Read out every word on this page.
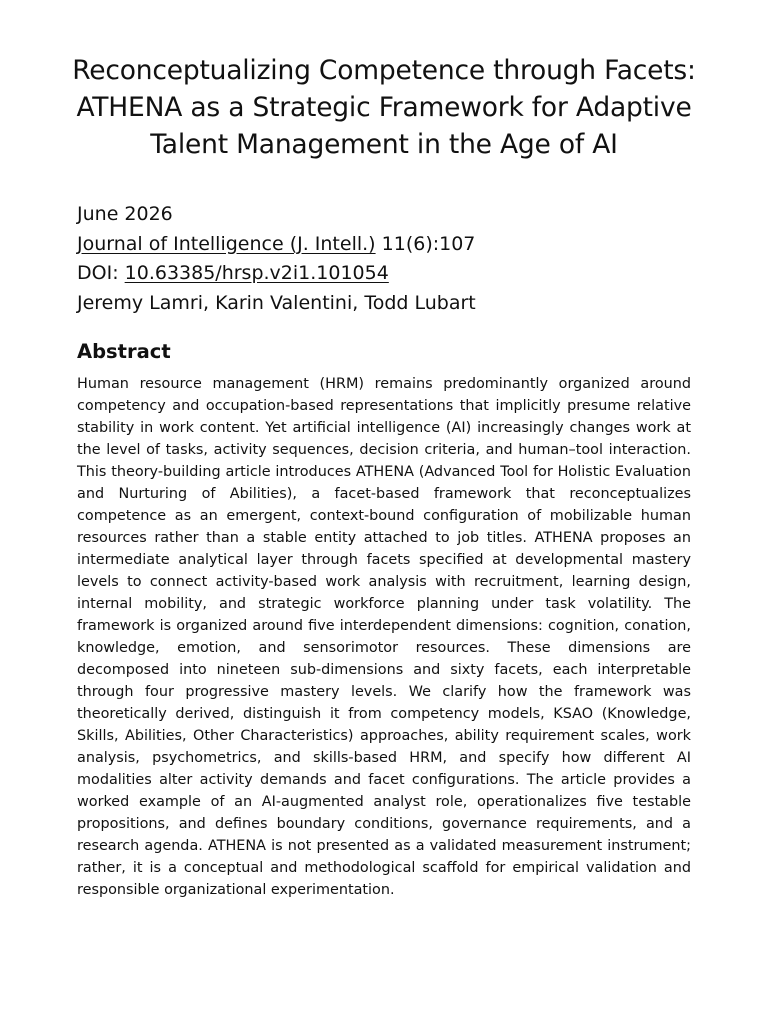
Reconceptualizing Competence through Facets: ATHENA as a Strategic Framework for Adaptive Talent Management in the Age of AI
June 2026
Journal of Intelligence (J. Intell.) 11(6):107
DOI: 10.63385/hrsp.v2i1.101054
Jeremy Lamri, Karin Valentini, Todd Lubart
Abstract
Human resource management (HRM) remains predominantly organized around competency and occupation-based representations that implicitly presume relative stability in work content. Yet artificial intelligence (AI) increasingly changes work at the level of tasks, activity sequences, decision criteria, and human–tool interaction. This theory-building article introduces ATHENA (Advanced Tool for Holistic Evaluation and Nurturing of Abilities), a facet-based framework that reconceptualizes competence as an emergent, context-bound configuration of mobilizable human resources rather than a stable entity attached to job titles. ATHENA proposes an intermediate analytical layer through facets specified at developmental mastery levels to connect activity-based work analysis with recruitment, learning design, internal mobility, and strategic workforce planning under task volatility. The framework is organized around five interdependent dimensions: cognition, conation, knowledge, emotion, and sensorimotor resources. These dimensions are decomposed into nineteen sub-dimensions and sixty facets, each interpretable through four progressive mastery levels. We clarify how the framework was theoretically derived, distinguish it from competency models, KSAO (Knowledge, Skills, Abilities, Other Characteristics) approaches, ability requirement scales, work analysis, psychometrics, and skills-based HRM, and specify how different AI modalities alter activity demands and facet configurations. The article provides a worked example of an AI-augmented analyst role, operationalizes five testable propositions, and defines boundary conditions, governance requirements, and a research agenda. ATHENA is not presented as a validated measurement instrument; rather, it is a conceptual and methodological scaffold for empirical validation and responsible organizational experimentation.
